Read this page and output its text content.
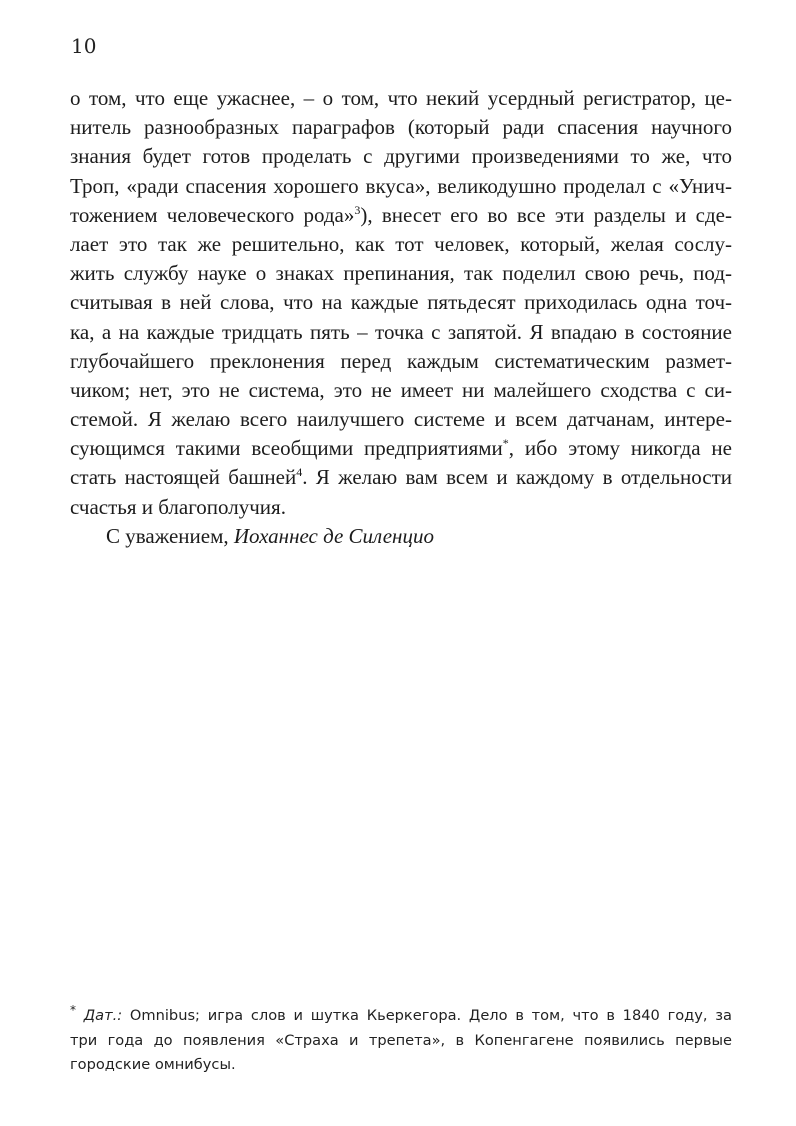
10
о том, что еще ужаснее, – о том, что некий усердный регистратор, це-
нитель разнообразных параграфов (который ради спасения научного
знания будет готов проделать с другими произведениями то же, что
Троп, «ради спасения хорошего вкуса», великодушно проделал с «Унич-
тожением человеческого рода»$^3$), внесет его во все эти разделы и сде-
лает это так же решительно, как тот человек, который, желая сослу-
жить службу науке о знаках препинания, так поделил свою речь, под-
считывая в ней слова, что на каждые пятьдесят приходилась одна точ-
ка, а на каждые тридцать пять – точка с запятой. Я впадаю в состояние
глубочайшего преклонения перед каждым систематическим размет-
чиком; нет, это не система, это не имеет ни малейшего сходства с си-
стемой. Я желаю всего наилучшего системе и всем датчанам, интере-
сующимся такими всеобщими предприятиями*, ибо этому никогда не
стать настоящей башней$^4$. Я желаю вам всем и каждому в отдельности
счастья и благополучия.
С уважением, Иоханнес де Силенцио
* Дат.: Omnibus; игра слов и шутка Кьеркегора. Дело в том, что в 1840 году, за
три года до появления «Страха и трепета», в Копенгагене появились первые
городские омнибусы.
